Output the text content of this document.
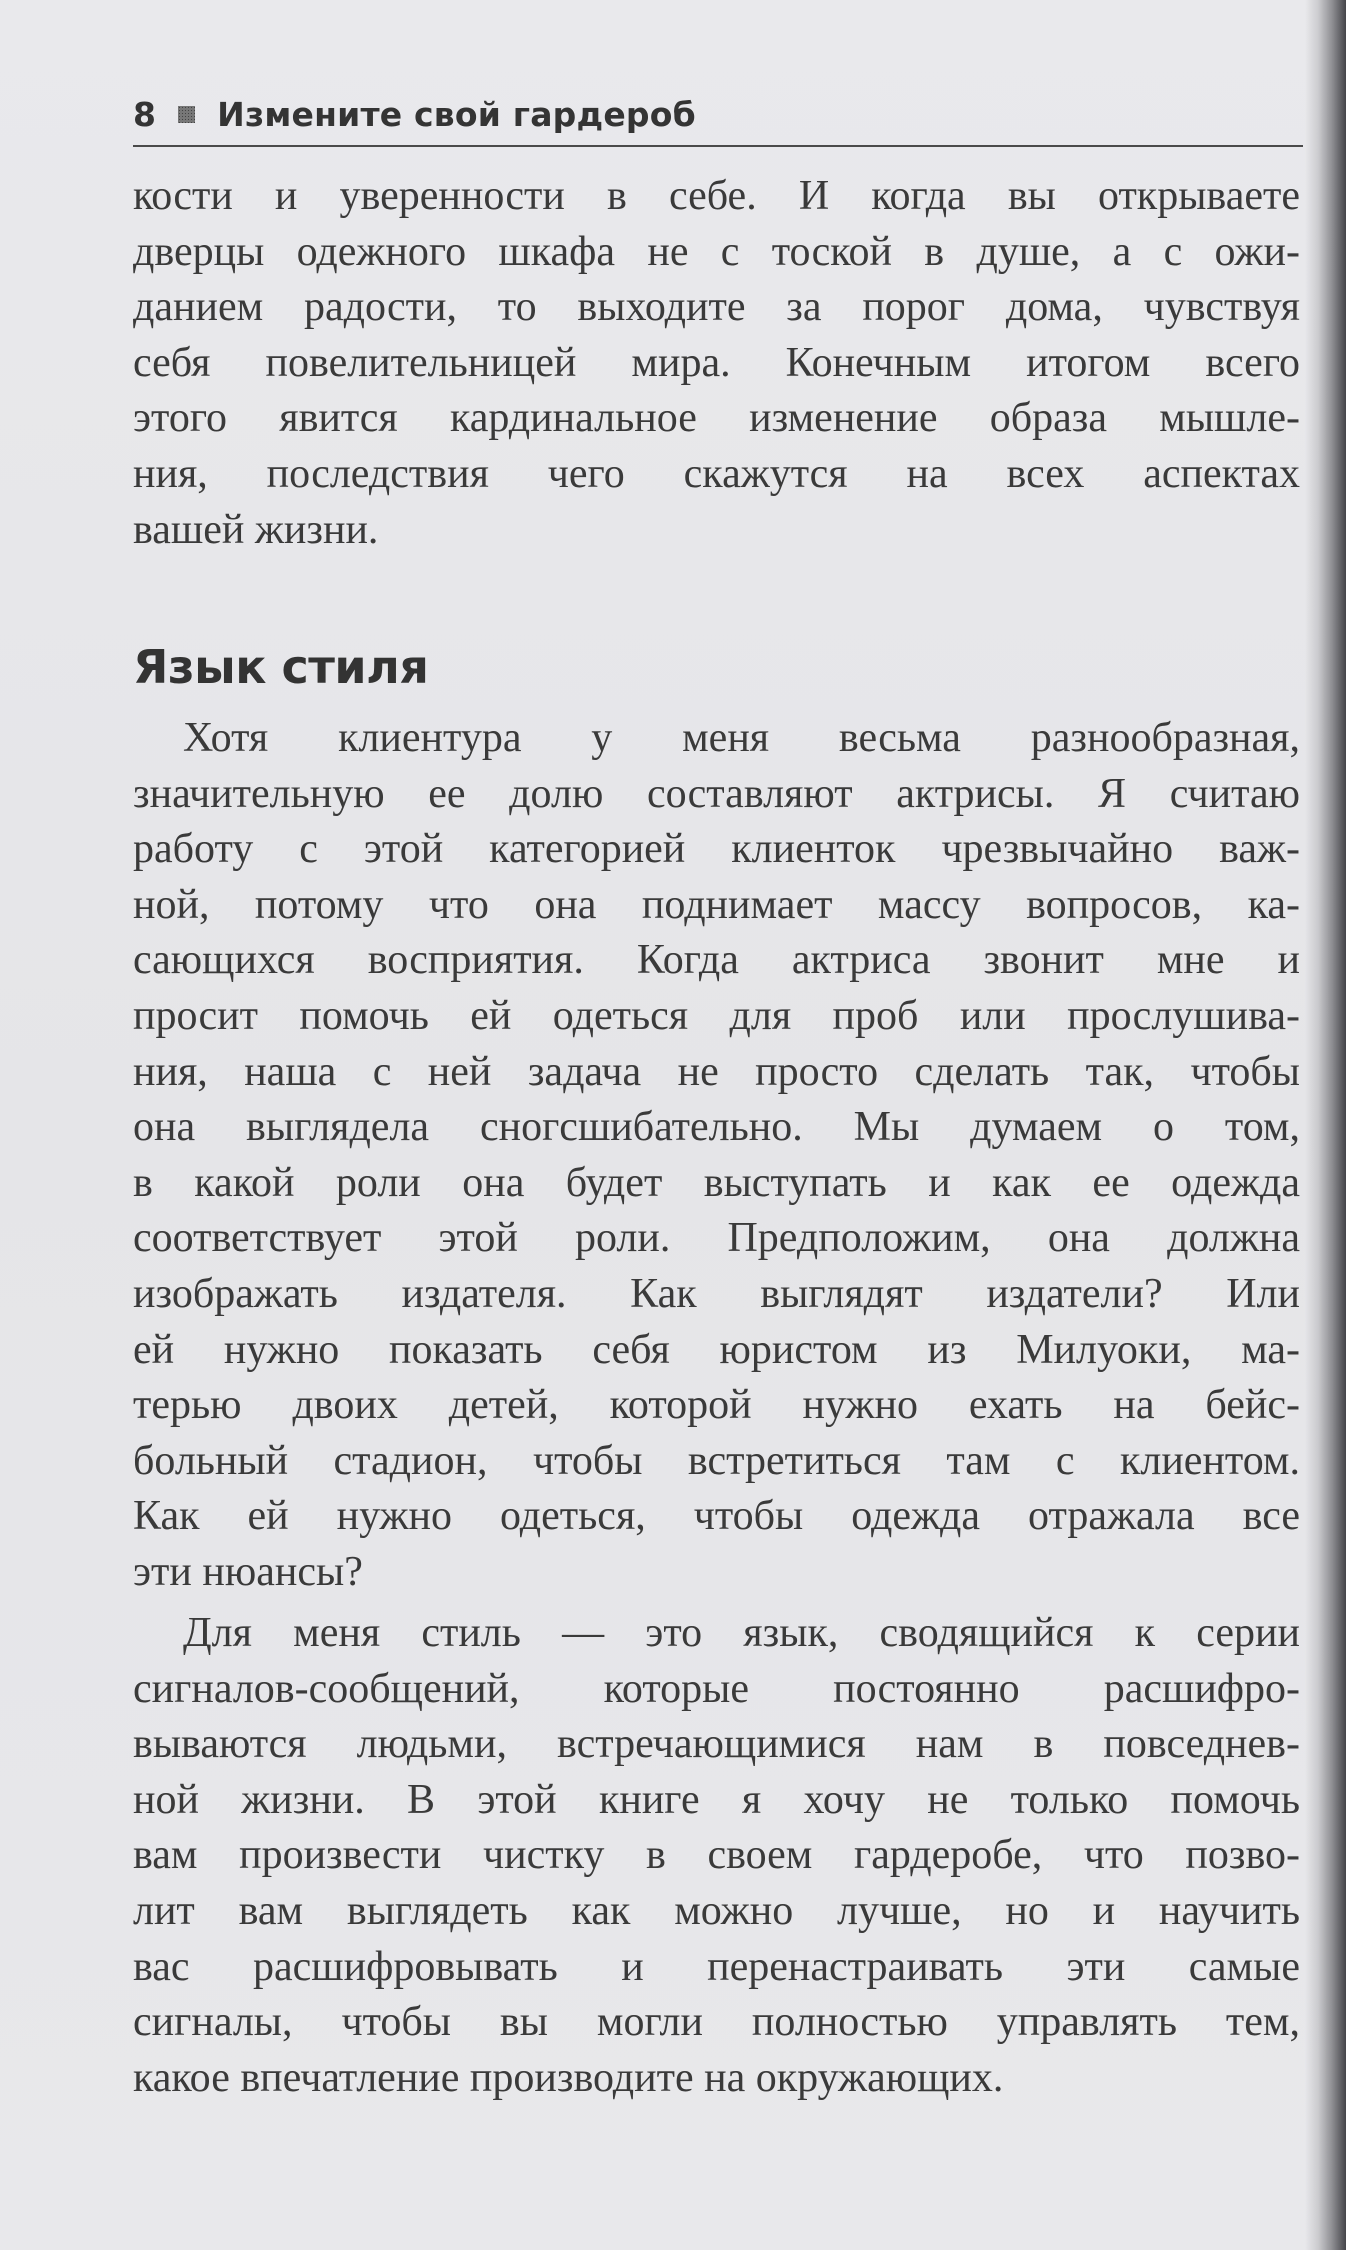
8 Измените свой гардероб
кости и уверенности в себе. И когда вы открываете
дверцы одежного шкафа не с тоской в душе, а с ожи-
данием радости, то выходите за порог дома, чувствуя
себя повелительницей мира. Конечным итогом всего
этого явится кардинальное изменение образа мышле-
ния, последствия чего скажутся на всех аспектах
вашей жизни.
Язык стиля
Хотя клиентура у меня весьма разнообразная,
значительную ее долю составляют актрисы. Я считаю
работу с этой категорией клиенток чрезвычайно важ-
ной, потому что она поднимает массу вопросов, ка-
сающихся восприятия. Когда актриса звонит мне и
просит помочь ей одеться для проб или прослушива-
ния, наша с ней задача не просто сделать так, чтобы
она выглядела сногсшибательно. Мы думаем о том,
в какой роли она будет выступать и как ее одежда
соответствует этой роли. Предположим, она должна
изображать издателя. Как выглядят издатели? Или
ей нужно показать себя юристом из Милуоки, ма-
терью двоих детей, которой нужно ехать на бейс-
больный стадион, чтобы встретиться там с клиентом.
Как ей нужно одеться, чтобы одежда отражала все
эти нюансы?
Для меня стиль — это язык, сводящийся к серии
сигналов-сообщений, которые постоянно расшифро-
вываются людьми, встречающимися нам в повседнев-
ной жизни. В этой книге я хочу не только помочь
вам произвести чистку в своем гардеробе, что позво-
лит вам выглядеть как можно лучше, но и научить
вас расшифровывать и перенастраивать эти самые
сигналы, чтобы вы могли полностью управлять тем,
какое впечатление производите на окружающих.
